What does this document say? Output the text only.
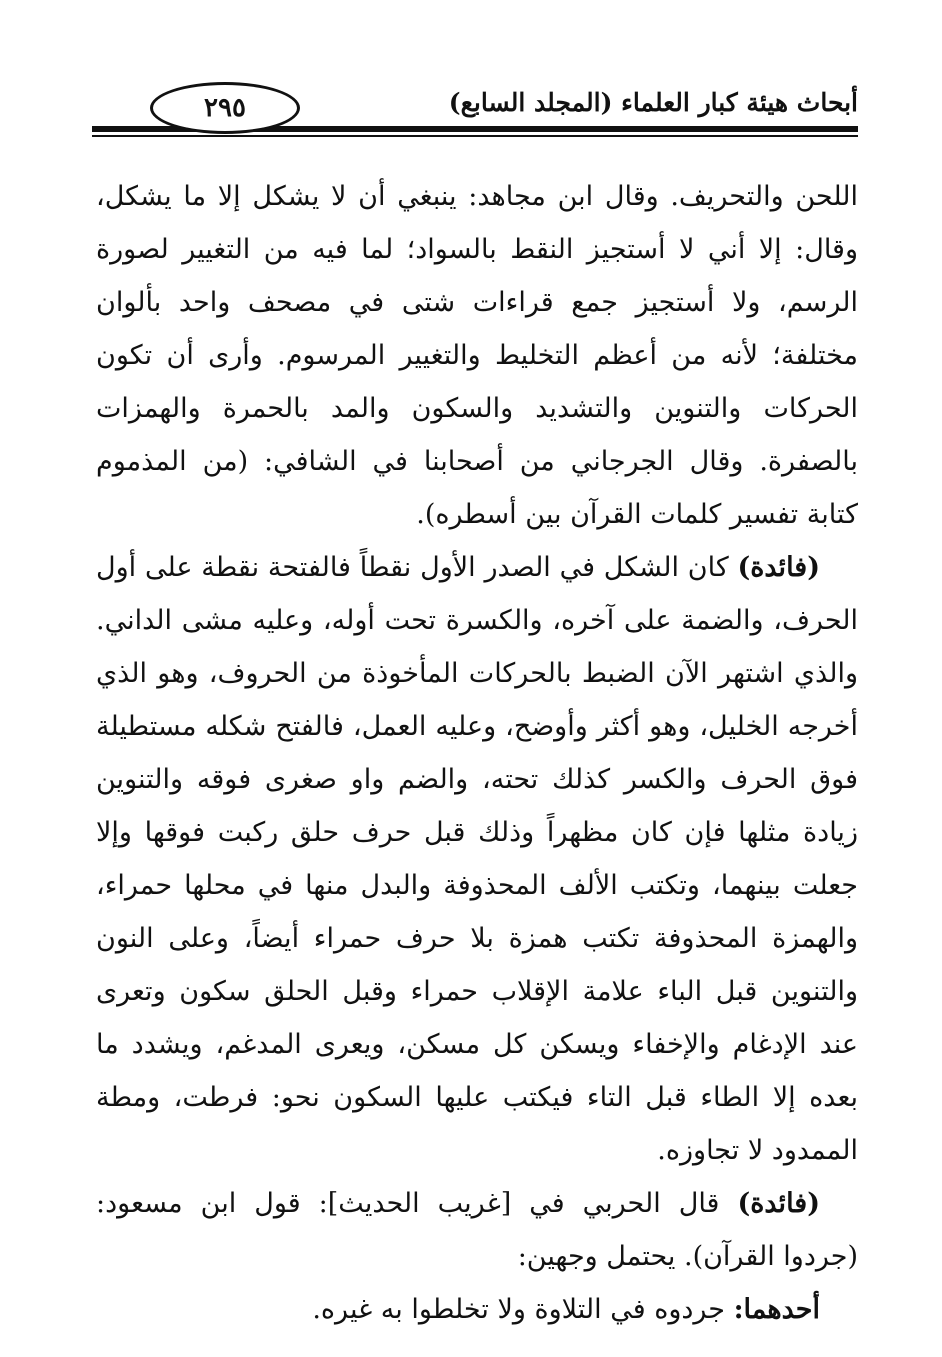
٢٩٥	أبحاث هيئة كبار العلماء (المجلد السابع)

اللحن والتحريف. وقال ابن مجاهد: ينبغي أن لا يشكل إلا ما يشكل، وقال: إلا أني لا أستجيز النقط بالسواد؛ لما فيه من التغيير لصورة الرسم، ولا أستجيز جمع قراءات شتى في مصحف واحد بألوان مختلفة؛ لأنه من أعظم التخليط والتغيير المرسوم. وأرى أن تكون الحركات والتنوين والتشديد والسكون والمد بالحمرة والهمزات بالصفرة. وقال الجرجاني من أصحابنا في الشافي: (من المذموم كتابة تفسير كلمات القرآن بين أسطره).

(فائدة) كان الشكل في الصدر الأول نقطاً فالفتحة نقطة على أول الحرف، والضمة على آخره، والكسرة تحت أوله، وعليه مشى الداني. والذي اشتهر الآن الضبط بالحركات المأخوذة من الحروف، وهو الذي أخرجه الخليل، وهو أكثر وأوضح، وعليه العمل، فالفتح شكله مستطيلة فوق الحرف والكسر كذلك تحته، والضم واو صغرى فوقه والتنوين زيادة مثلها فإن كان مظهراً وذلك قبل حرف حلق ركبت فوقها وإلا جعلت بينهما، وتكتب الألف المحذوفة والبدل منها في محلها حمراء، والهمزة المحذوفة تكتب همزة بلا حرف حمراء أيضاً، وعلى النون والتنوين قبل الباء علامة الإقلاب حمراء وقبل الحلق سكون وتعرى عند الإدغام والإخفاء ويسكن كل مسكن، ويعرى المدغم، ويشدد ما بعده إلا الطاء قبل التاء فيكتب عليها السكون نحو: فرطت، ومطة الممدود لا تجاوزه.

(فائدة) قال الحربي في [غريب الحديث]: قول ابن مسعود: (جردوا القرآن). يحتمل وجهين:

أحدهما: جردوه في التلاوة ولا تخلطوا به غيره.
